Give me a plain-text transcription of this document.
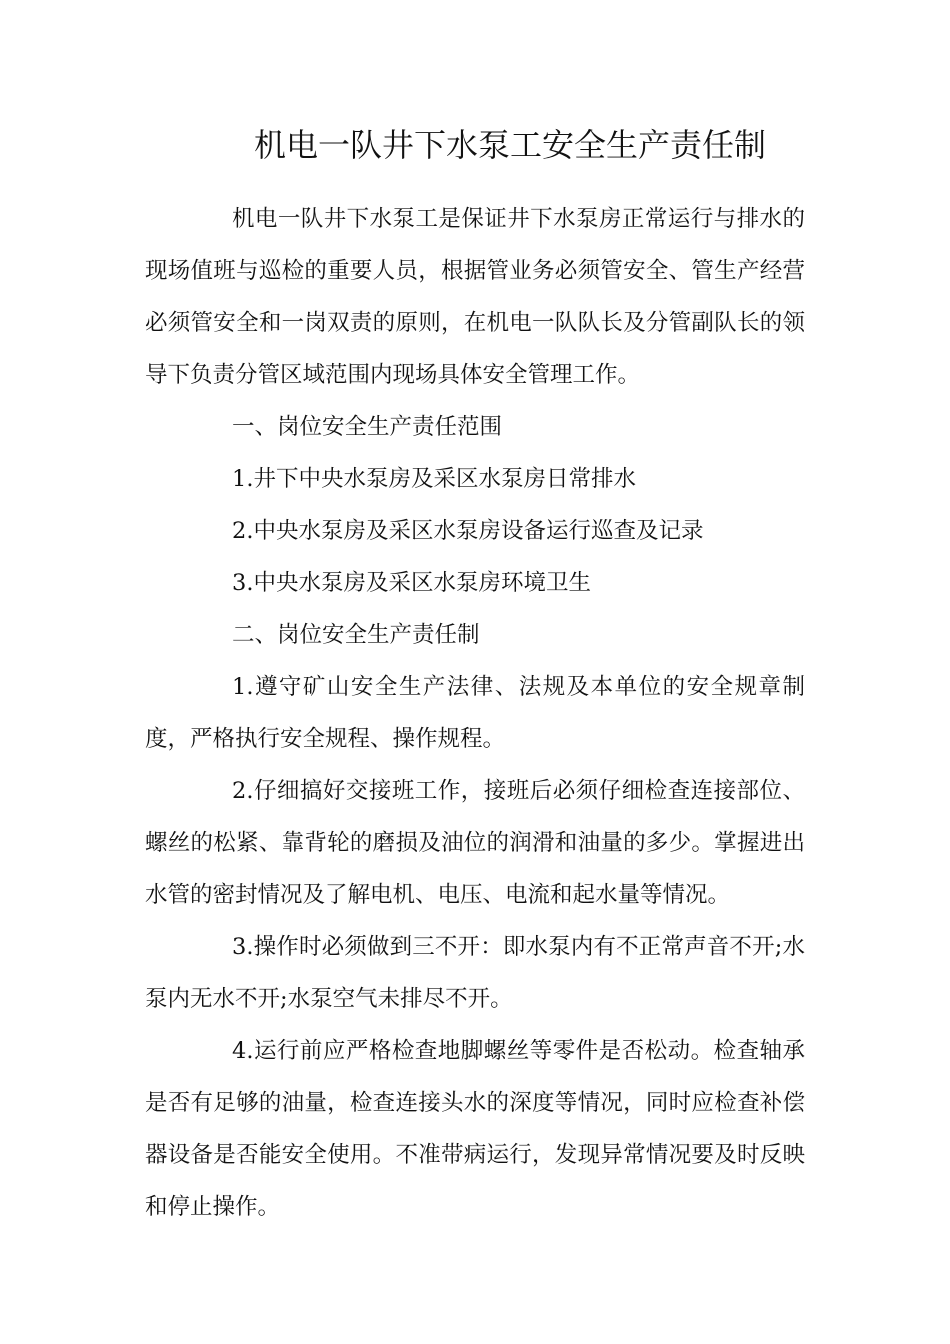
机电一队井下水泵工安全生产责任制
机电一队井下水泵工是保证井下水泵房正常运行与排水的
现场值班与巡检的重要人员，根据管业务必须管安全、管生产经营
必须管安全和一岗双责的原则，在机电一队队长及分管副队长的领
导下负责分管区域范围内现场具体安全管理工作。
一、岗位安全生产责任范围
1.井下中央水泵房及采区水泵房日常排水
2.中央水泵房及采区水泵房设备运行巡查及记录
3.中央水泵房及采区水泵房环境卫生
二、岗位安全生产责任制
1.遵守矿山安全生产法律、法规及本单位的安全规章制
度，严格执行安全规程、操作规程。
2.仔细搞好交接班工作，接班后必须仔细检查连接部位、
螺丝的松紧、靠背轮的磨损及油位的润滑和油量的多少。掌握进出
水管的密封情况及了解电机、电压、电流和起水量等情况。
3.操作时必须做到三不开：即水泵内有不正常声音不开;水
泵内无水不开;水泵空气未排尽不开。
4.运行前应严格检查地脚螺丝等零件是否松动。检查轴承
是否有足够的油量，检查连接头水的深度等情况，同时应检查补偿
器设备是否能安全使用。不准带病运行，发现异常情况要及时反映
和停止操作。
